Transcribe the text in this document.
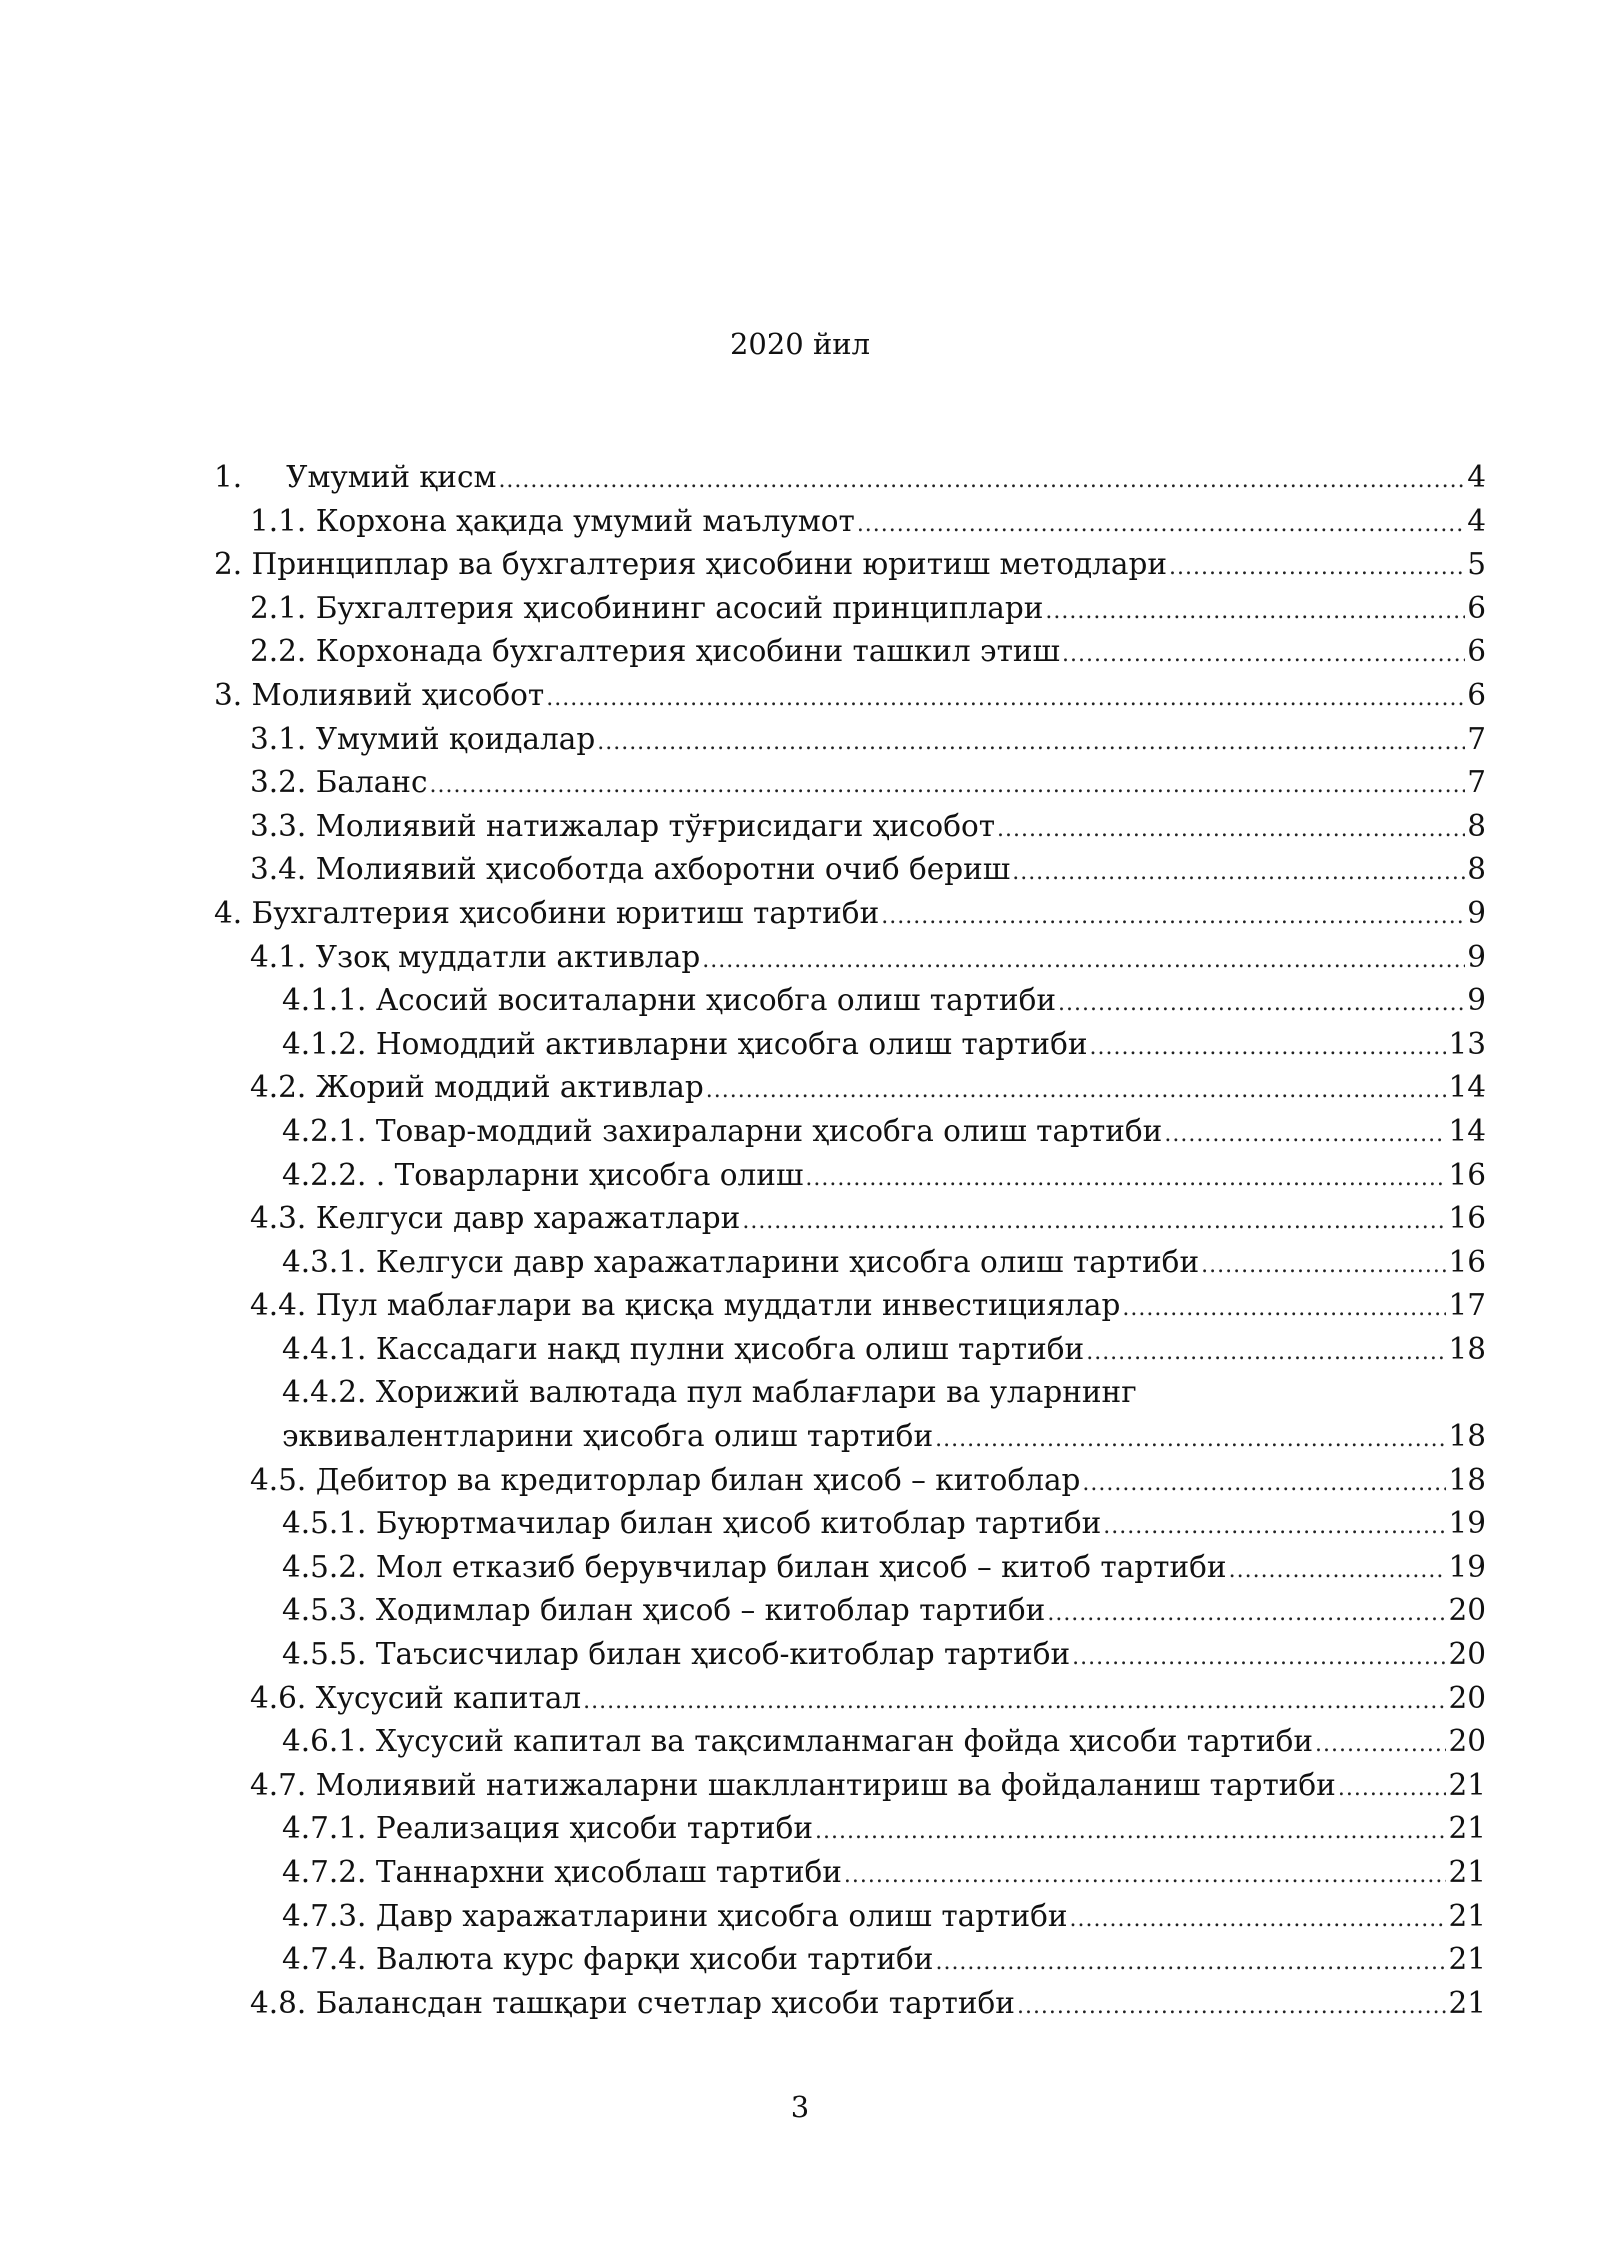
2020 йил
1. Умумий қисм .....	4
1.1. Корхона ҳақида умумий маълумот .....	4
2. Принциплар ва бухгалтерия ҳисобини юритиш методлари .....	5
2.1. Бухгалтерия ҳисобининг асосий принциплари .....	6
2.2. Корхонада бухгалтерия ҳисобини ташкил этиш .....	6
3. Молиявий ҳисобот .....	6
3.1. Умумий қоидалар .....	7
3.2. Баланс .....	7
3.3. Молиявий натижалар тўғрисидаги ҳисобот .....	8
3.4. Молиявий ҳисоботда ахборотни очиб бериш .....	8
4. Бухгалтерия ҳисобини юритиш тартиби .....	9
4.1. Узоқ муддатли активлар .....	9
4.1.1. Асосий воситаларни ҳисобга олиш тартиби .....	9
4.1.2. Номоддий активларни ҳисобга олиш тартиби .....	13
4.2. Жорий моддий активлар .....	14
4.2.1. Товар-моддий захираларни ҳисобга олиш тартиби .....	14
4.2.2. . Товарларни ҳисобга олиш .....	16
4.3. Келгуси давр харажатлари .....	16
4.3.1. Келгуси давр харажатларини ҳисобга олиш тартиби .....	16
4.4. Пул маблағлари ва қисқа муддатли инвестициялар .....	17
4.4.1. Кассадаги нақд пулни ҳисобга олиш тартиби .....	18
4.4.2. Хорижий валютада пул маблағлари ва уларнинг
эквивалентларини ҳисобга олиш тартиби .....	18
4.5. Дебитор ва кредиторлар билан ҳисоб – китоблар .....	18
4.5.1. Буюртмачилар билан ҳисоб китоблар тартиби .....	19
4.5.2. Мол етказиб берувчилар билан ҳисоб – китоб тартиби .....	19
4.5.3. Ходимлар билан ҳисоб – китоблар тартиби .....	20
4.5.5. Таъсисчилар билан ҳисоб-китоблар тартиби .....	20
4.6. Хусусий капитал .....	20
4.6.1. Хусусий капитал ва тақсимланмаган фойда ҳисоби тартиби .....	20
4.7. Молиявий натижаларни шакллантириш ва фойдаланиш тартиби .....	21
4.7.1. Реализация ҳисоби тартиби .....	21
4.7.2. Таннархни ҳисоблаш тартиби .....	21
4.7.3. Давр харажатларини ҳисобга олиш тартиби .....	21
4.7.4. Валюта курс фарқи ҳисоби тартиби .....	21
4.8. Балансдан ташқари счетлар ҳисоби тартиби .....	21
3
